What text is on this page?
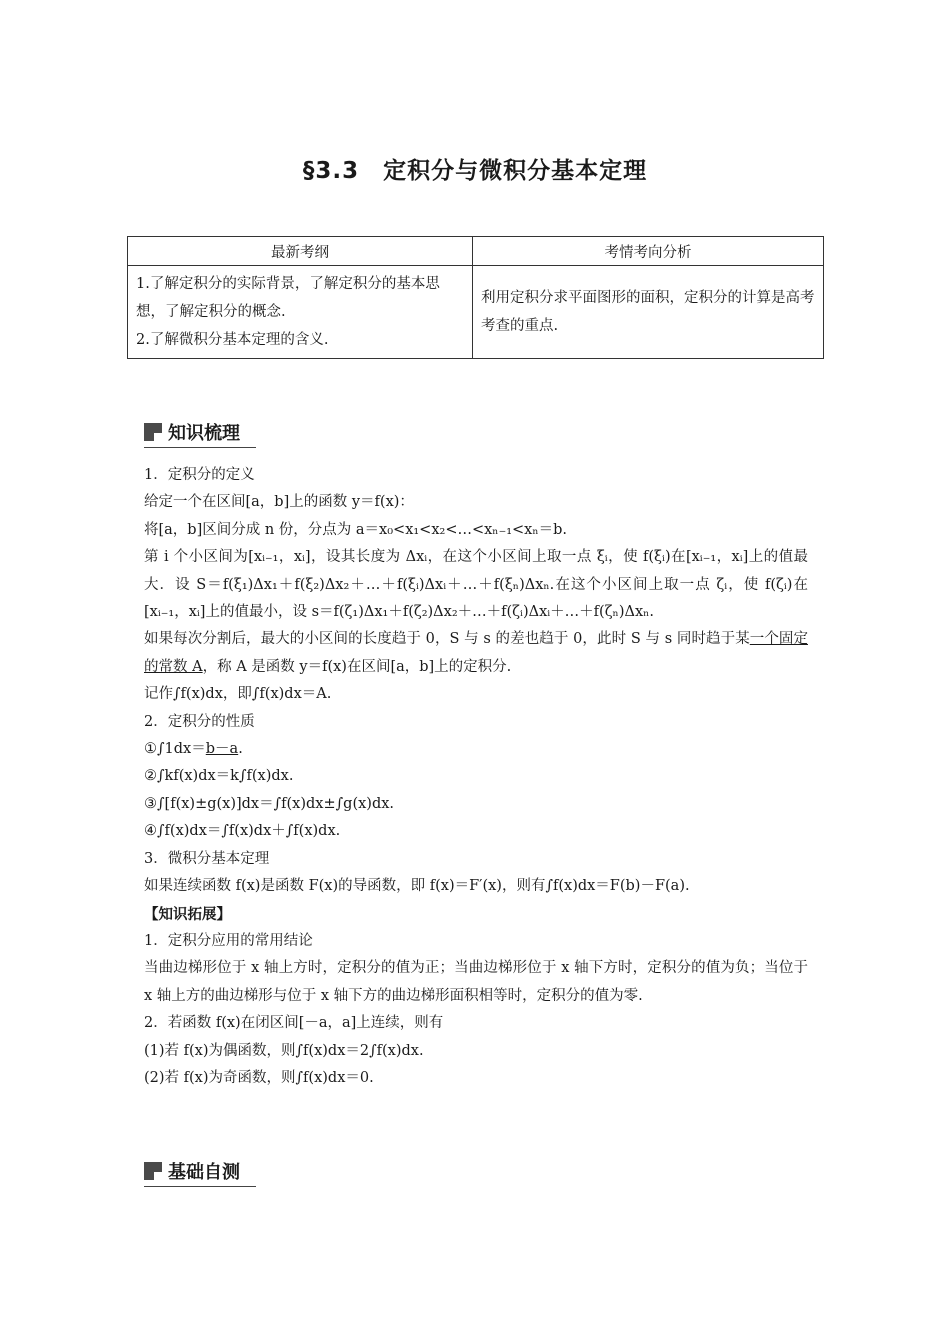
§3.3　定积分与微积分基本定理
最新考纲	考情考向分析

1.了解定积分的实际背景，了解定积分的基本思想，了解定积分的概念.
2.了解微积分基本定理的含义.	利用定积分求平面图形的面积，定积分的计算是高考考查的重点.
知识梳理

1．定积分的定义

给定一个在区间[a，b]上的函数 y＝f(x)：

将[a，b]区间分成 n 份，分点为 a＝x₀<x₁<x₂<…<xₙ₋₁<xₙ＝b.

第 i 个小区间为[xᵢ₋₁，xᵢ]，设其长度为 Δxᵢ，在这个小区间上取一点 ξᵢ，使 f(ξᵢ)在[xᵢ₋₁，xᵢ]上的值最大．设 S＝f(ξ₁)Δx₁＋f(ξ₂)Δx₂＋…＋f(ξᵢ)Δxᵢ＋…＋f(ξₙ)Δxₙ.在这个小区间上取一点 ζᵢ，使 f(ζᵢ)在[xᵢ₋₁，xᵢ]上的值最小，设 s＝f(ζ₁)Δx₁＋f(ζ₂)Δx₂＋…＋f(ζᵢ)Δxᵢ＋…＋f(ζₙ)Δxₙ.

如果每次分割后，最大的小区间的长度趋于 0，S 与 s 的差也趋于 0，此时 S 与 s 同时趋于某一个固定的常数 A，称 A 是函数 y＝f(x)在区间[a，b]上的定积分.

记作∫f(x)dx，即∫f(x)dx＝A.

2．定积分的性质

①∫1dx＝b－a.

②∫kf(x)dx＝k∫f(x)dx.

③∫[f(x)±g(x)]dx＝∫f(x)dx±∫g(x)dx.

④∫f(x)dx＝∫f(x)dx＋∫f(x)dx.

3．微积分基本定理

如果连续函数 f(x)是函数 F(x)的导函数，即 f(x)＝F′(x)，则有∫f(x)dx＝F(b)－F(a).

【知识拓展】

1．定积分应用的常用结论

当曲边梯形位于 x 轴上方时，定积分的值为正；当曲边梯形位于 x 轴下方时，定积分的值为负；当位于 x 轴上方的曲边梯形与位于 x 轴下方的曲边梯形面积相等时，定积分的值为零.

2．若函数 f(x)在闭区间[－a，a]上连续，则有

(1)若 f(x)为偶函数，则∫f(x)dx＝2∫f(x)dx.

(2)若 f(x)为奇函数，则∫f(x)dx＝0.

基础自测
